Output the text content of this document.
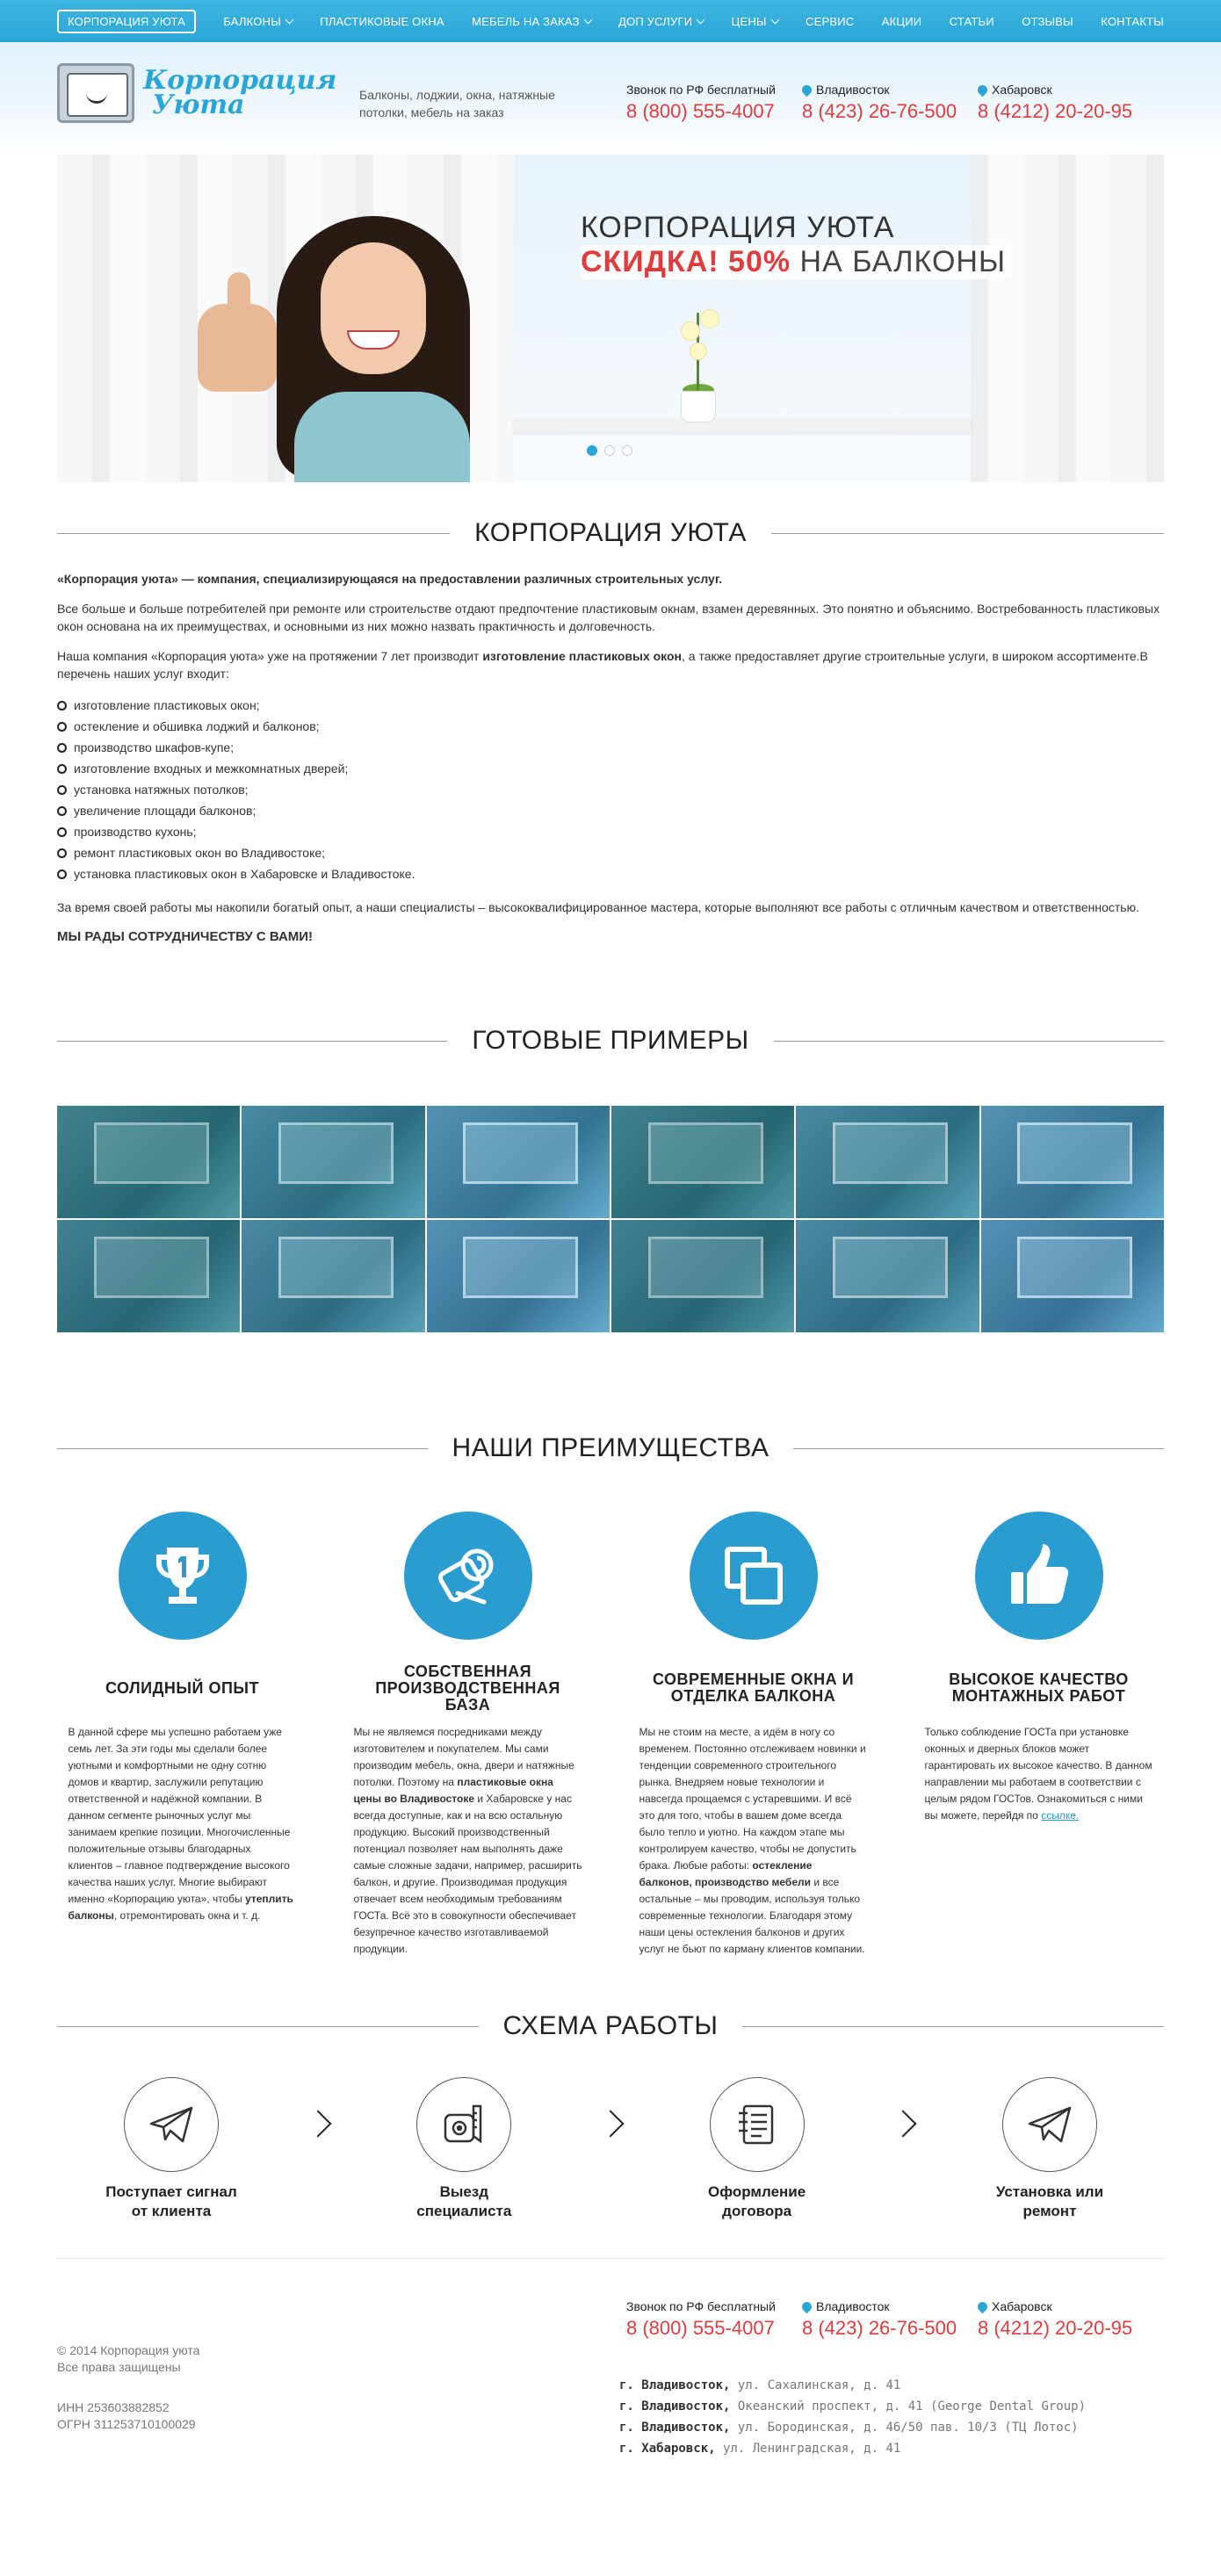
КОРПОРАЦИЯ УЮТА	БАЛКОНЫ	ПЛАСТИКОВЫЕ ОКНА МЕБЕЛЬ НА ЗАКАЗ	ДОП УСЛУГИ	ЦЕНЫ	СЕРВИС АКЦИИ СТАТЬИ ОТЗЫВЫ КОНТАКТЫ
Корпорация
Уюта	Балконы, лоджии, окна, натяжные потолки, мебель на заказ
Звонок по РФ бесплатный
8 (800) 555-4007
Владивосток
8 (423) 26-76-500
Хабаровск
8 (4212) 20-20-95
КОРПОРАЦИЯ УЮТА
СКИДКА! 50% НА БАЛКОНЫ
КОРПОРАЦИЯ УЮТА

«Корпорация уюта» — компания, специализирующаяся на предоставлении различных строительных услуг.

Все больше и больше потребителей при ремонте или строительстве отдают предпочтение пластиковым окнам, взамен деревянных. Это понятно и объяснимо. Востребованность пластиковых окон основана на их преимуществах, и основными из них можно назвать практичность и долговечность.

Наша компания «Корпорация уюта» уже на протяжении 7 лет производит изготовление пластиковых окон, а также предоставляет другие строительные услуги, в широком ассортименте.В перечень наших услуг входит:

изготовление пластиковых окон;
остекление и обшивка лоджий и балконов;
производство шкафов-купе;
изготовление входных и межкомнатных дверей;
установка натяжных потолков;
увеличение площади балконов;
производство кухонь;
ремонт пластиковых окон во Владивостоке;
установка пластиковых окон в Хабаровске и Владивостоке.

За время своей работы мы накопили богатый опыт, а наши специалисты – высококвалифицированное мастера, которые выполняют все работы с отличным качеством и ответственностью.

МЫ РАДЫ СОТРУДНИЧЕСТВУ С ВАМИ!

ГОТОВЫЕ ПРИМЕРЫ
НАШИ ПРЕИМУЩЕСТВА
СОЛИДНЫЙ ОПЫТ

В данной сфере мы успешно работаем уже семь лет. За эти годы мы сделали более уютными и комфортными не одну сотню домов и квартир, заслужили репутацию ответственной и надёжной компании. В данном сегменте рыночных услуг мы занимаем крепкие позиции. Многочисленные положительные отзывы благодарных клиентов – главное подтверждение высокого качества наших услуг. Многие выбирают именно «Корпорацию уюта», чтобы утеплить балконы, отремонтировать окна и т. д.

СОБСТВЕННАЯ ПРОИЗВОДСТВЕННАЯ БАЗА

Мы не являемся посредниками между изготовителем и покупателем. Мы сами производим мебель, окна, двери и натяжные потолки. Поэтому на пластиковые окна цены во Владивостоке и Хабаровске у нас всегда доступные, как и на всю остальную продукцию. Высокий производственный потенциал позволяет нам выполнять даже самые сложные задачи, например, расширить балкон, и другие. Производимая продукция отвечает всем необходимым требованиям ГОСТа. Всё это в совокупности обеспечивает безупречное качество изготавливаемой продукции.

СОВРЕМЕННЫЕ ОКНА И ОТДЕЛКА БАЛКОНА

Мы не стоим на месте, а идём в ногу со временем. Постоянно отслеживаем новинки и тенденции современного строительного рынка. Внедряем новые технологии и навсегда прощаемся с устаревшими. И всё это для того, чтобы в вашем доме всегда было тепло и уютно. На каждом этапе мы контролируем качество, чтобы не допустить брака. Любые работы: остекление балконов, производство мебели и все остальные – мы проводим, используя только современные технологии. Благодаря этому наши цены остекления балконов и других услуг не бьют по карману клиентов компании.

ВЫСОКОЕ КАЧЕСТВО МОНТАЖНЫХ РАБОТ

Только соблюдение ГОСТа при установке оконных и дверных блоков может гарантировать их высокое качество. В данном направлении мы работаем в соответствии с целым рядом ГОСТов. Ознакомиться с ними вы можете, перейдя по ссылке.

СХЕМА РАБОТЫ
Поступает сигнал
от клиента
Выезд
специалиста
Оформление
договора
Установка или
ремонт
Звонок по РФ бесплатный
8 (800) 555-4007
Владивосток
8 (423) 26-76-500
Хабаровск
8 (4212) 20-20-95
© 2014 Корпорация уюта
Все права защищены
ИНН 253603882852
ОГРН 311253710100029
г. Владивосток, ул. Сахалинская, д. 41
г. Владивосток, Океанский проспект, д. 41 (George Dental Group)
г. Владивосток, ул. Бородинская, д. 46/50 пав. 10/3 (ТЦ Лотос)
г. Хабаровск, ул. Ленинградская, д. 41
